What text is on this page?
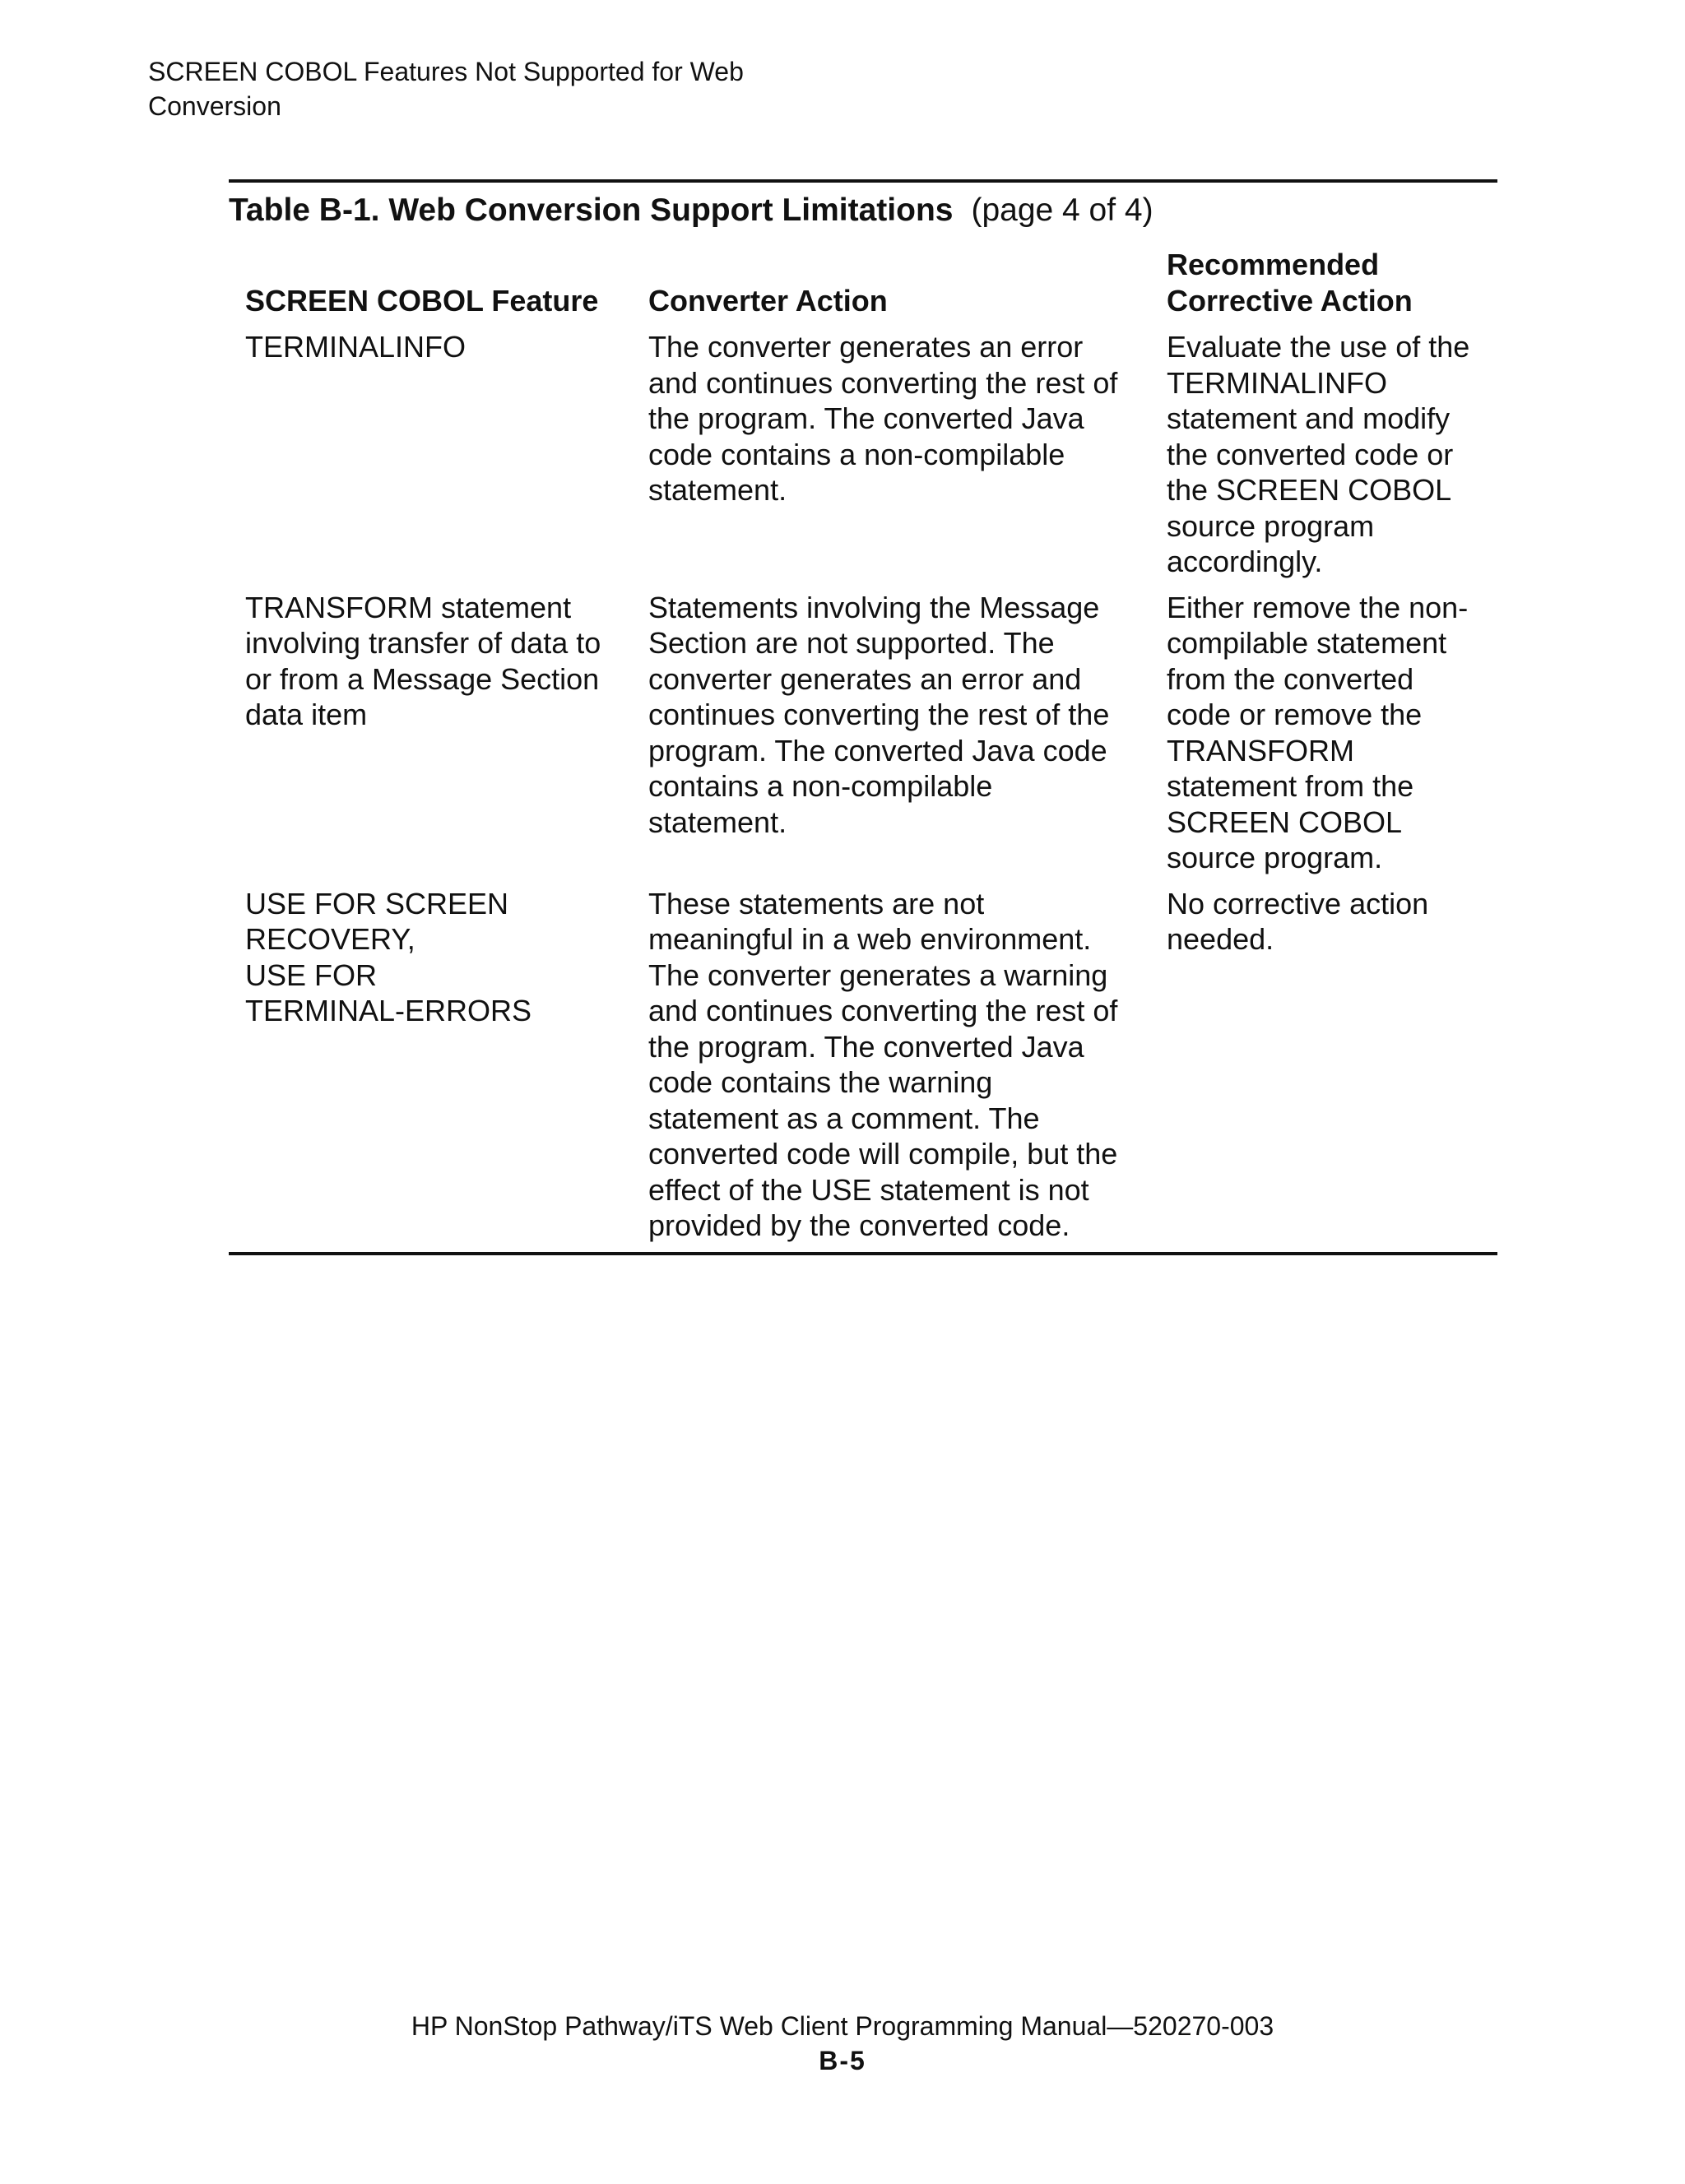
SCREEN COBOL Features Not Supported for Web
Conversion
Table B-1. Web Conversion Support Limitations (page 4 of 4)
SCREEN COBOL Feature	Converter Action
Recommended
Corrective Action
TERMINALINFO	The converter generates an error
and continues converting the rest of
the program. The converted Java
code contains a non-compilable
statement.
Evaluate the use of the
TERMINALINFO
statement and modify
the converted code or
the SCREEN COBOL
source program
accordingly.
TRANSFORM statement
involving transfer of data to
or from a Message Section
data item
Statements involving the Message
Section are not supported. The
converter generates an error and
continues converting the rest of the
program. The converted Java code
contains a non-compilable
statement.
Either remove the non-
compilable statement
from the converted
code or remove the
TRANSFORM
statement from the
SCREEN COBOL
source program.
USE FOR SCREEN
RECOVERY,
USE FOR
TERMINAL-ERRORS
These statements are not
meaningful in a web environment.
The converter generates a warning
and continues converting the rest of
the program. The converted Java
code contains the warning
statement as a comment. The
converted code will compile, but the
effect of the USE statement is not
provided by the converted code.
No corrective action
needed.
HP NonStop Pathway/iTS Web Client Programming Manual—520270-003
B-5
